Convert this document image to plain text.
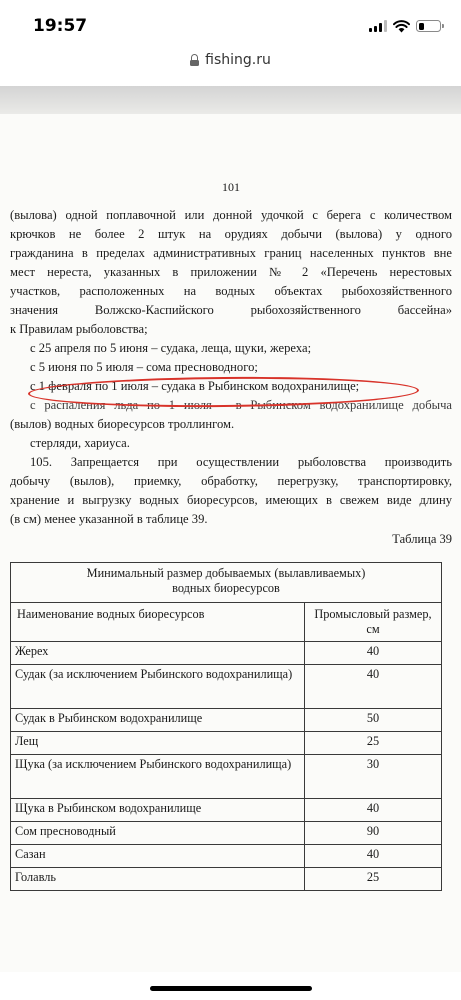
19:57
fishing.ru
101
(вылова) одной поплавочной или донной удочкой с берега с количеством
крючков не более 2 штук на орудиях добычи (вылова) у одного
гражданина в пределах административных границ населенных пунктов вне
мест нереста, указанных в приложении № 2 «Перечень нерестовых
участков, расположенных на водных объектах рыбохозяйственного
значения Волжско-Каспийского рыбохозяйственного бассейна»
к Правилам рыболовства;
с 25 апреля по 5 июня – судака, леща, щуки, жереха;
с 5 июня по 5 июля – сома пресноводного;
с 1 февраля по 1 июля – судака в Рыбинском водохранилище;
с распаления льда по 1 июля – в Рыбинском водохранилище добыча
(вылов) водных биоресурсов троллингом.
стерляди, хариуса.
105. Запрещается при осуществлении рыболовства производить
добычу (вылов), приемку, обработку, перегрузку, транспортировку,
хранение и выгрузку водных биоресурсов, имеющих в свежем виде длину
(в см) менее указанной в таблице 39.
Таблица 39
Минимальный размер добываемых (вылавливаемых)
водных биоресурсов	

Наименование водных биоресурсов	Промысловый размер, см
Жерех	40
Судак (за исключением Рыбинского водохранилища)	40
Судак в Рыбинском водохранилище	50
Лещ	25
Щука (за исключением Рыбинского водохранилища)	30
Щука в Рыбинском водохранилище	40
Сом пресноводный	90
Сазан	40
Голавль	25
